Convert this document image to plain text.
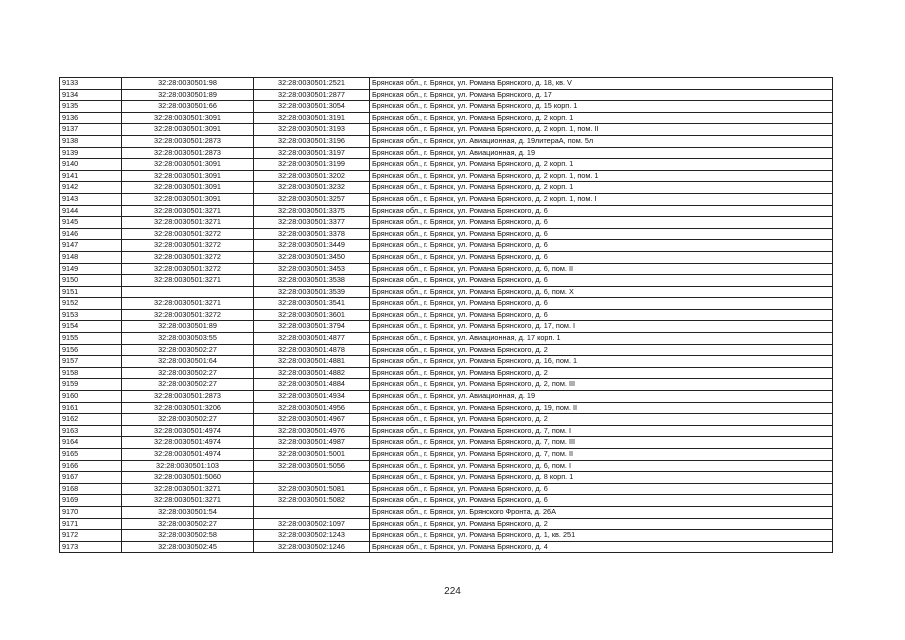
9133	32:28:0030501:98	32:28:0030501:2521	Брянская обл., г. Брянск, ул. Романа Брянского, д. 18, кв. V
9134	32:28:0030501:89	32:28:0030501:2877	Брянская обл., г. Брянск, ул. Романа Брянского, д. 17
9135	32:28:0030501:66	32:28:0030501:3054	Брянская обл., г. Брянск, ул. Романа Брянского, д. 15 корп. 1
9136	32:28:0030501:3091	32:28:0030501:3191	Брянская обл., г. Брянск, ул. Романа Брянского, д. 2 корп. 1
9137	32:28:0030501:3091	32:28:0030501:3193	Брянская обл., г. Брянск, ул. Романа Брянского, д. 2 корп. 1, пом. II
9138	32:28:0030501:2873	32:28:0030501:3196	Брянская обл., г. Брянск, ул. Авиационная, д. 19литераА, пом. 5л
9139	32:28:0030501:2873	32:28:0030501:3197	Брянская обл., г. Брянск, ул. Авиационная, д. 19
9140	32:28:0030501:3091	32:28:0030501:3199	Брянская обл., г. Брянск, ул. Романа Брянского, д. 2 корп. 1
9141	32:28:0030501:3091	32:28:0030501:3202	Брянская обл., г. Брянск, ул. Романа Брянского, д. 2 корп. 1, пом. 1
9142	32:28:0030501:3091	32:28:0030501:3232	Брянская обл., г. Брянск, ул. Романа Брянского, д. 2 корп. 1
9143	32:28:0030501:3091	32:28:0030501:3257	Брянская обл., г. Брянск, ул. Романа Брянского, д. 2 корп. 1, пом. I
9144	32:28:0030501:3271	32:28:0030501:3375	Брянская обл., г. Брянск, ул. Романа Брянского, д. 6
9145	32:28:0030501:3271	32:28:0030501:3377	Брянская обл., г. Брянск, ул. Романа Брянского, д. 6
9146	32:28:0030501:3272	32:28:0030501:3378	Брянская обл., г. Брянск, ул. Романа Брянского, д. 6
9147	32:28:0030501:3272	32:28:0030501:3449	Брянская обл., г. Брянск, ул. Романа Брянского, д. 6
9148	32:28:0030501:3272	32:28:0030501:3450	Брянская обл., г. Брянск, ул. Романа Брянского, д. 6
9149	32:28:0030501:3272	32:28:0030501:3453	Брянская обл., г. Брянск, ул. Романа Брянского, д. 6, пом. II
9150	32:28:0030501:3271	32:28:0030501:3538	Брянская обл., г. Брянск, ул. Романа Брянского, д. 6
9151		32:28:0030501:3539	Брянская обл., г. Брянск, ул. Романа Брянского, д. 6, пом. X
9152	32:28:0030501:3271	32:28:0030501:3541	Брянская обл., г. Брянск, ул. Романа Брянского, д. 6
9153	32:28:0030501:3272	32:28:0030501:3601	Брянская обл., г. Брянск, ул. Романа Брянского, д. 6
9154	32:28:0030501:89	32:28:0030501:3794	Брянская обл., г. Брянск, ул. Романа Брянского, д. 17, пом. I
9155	32:28:0030503:55	32:28:0030501:4877	Брянская обл., г. Брянск, ул. Авиационная, д. 17 корп. 1
9156	32:28:0030502:27	32:28:0030501:4878	Брянская обл., г. Брянск, ул. Романа Брянского, д. 2
9157	32:28:0030501:64	32:28:0030501:4881	Брянская обл., г. Брянск, ул. Романа Брянского, д. 16, пом. 1
9158	32:28:0030502:27	32:28:0030501:4882	Брянская обл., г. Брянск, ул. Романа Брянского, д. 2
9159	32:28:0030502:27	32:28:0030501:4884	Брянская обл., г. Брянск, ул. Романа Брянского, д. 2, пом. III
9160	32:28:0030501:2873	32:28:0030501:4934	Брянская обл., г. Брянск, ул. Авиационная, д. 19
9161	32:28:0030501:3206	32:28:0030501:4956	Брянская обл., г. Брянск, ул. Романа Брянского, д. 19, пом. II
9162	32:28:0030502:27	32:28:0030501:4967	Брянская обл., г. Брянск, ул. Романа Брянского, д. 2
9163	32:28:0030501:4974	32:28:0030501:4976	Брянская обл., г. Брянск, ул. Романа Брянского, д. 7, пом. I
9164	32:28:0030501:4974	32:28:0030501:4987	Брянская обл., г. Брянск, ул. Романа Брянского, д. 7, пом. III
9165	32:28:0030501:4974	32:28:0030501:5001	Брянская обл., г. Брянск, ул. Романа Брянского, д. 7, пом. II
9166	32:28:0030501:103	32:28:0030501:5056	Брянская обл., г. Брянск, ул. Романа Брянского, д. 6, пом. I
9167	32:28:0030501:5060		Брянская обл., г. Брянск, ул. Романа Брянского, д. 8 корп. 1
9168	32:28:0030501:3271	32:28:0030501:5081	Брянская обл., г. Брянск, ул. Романа Брянского, д. 6
9169	32:28:0030501:3271	32:28:0030501:5082	Брянская обл., г. Брянск, ул. Романа Брянского, д. 6
9170	32:28:0030501:54		Брянская обл., г. Брянск, ул. Брянского Фронта, д. 26А
9171	32:28:0030502:27	32:28:0030502:1097	Брянская обл., г. Брянск, ул. Романа Брянского, д. 2
9172	32:28:0030502:58	32:28:0030502:1243	Брянская обл., г. Брянск, ул. Романа Брянского, д. 1, кв. 251
9173	32:28:0030502:45	32:28:0030502:1246	Брянская обл., г. Брянск, ул. Романа Брянского, д. 4
224
